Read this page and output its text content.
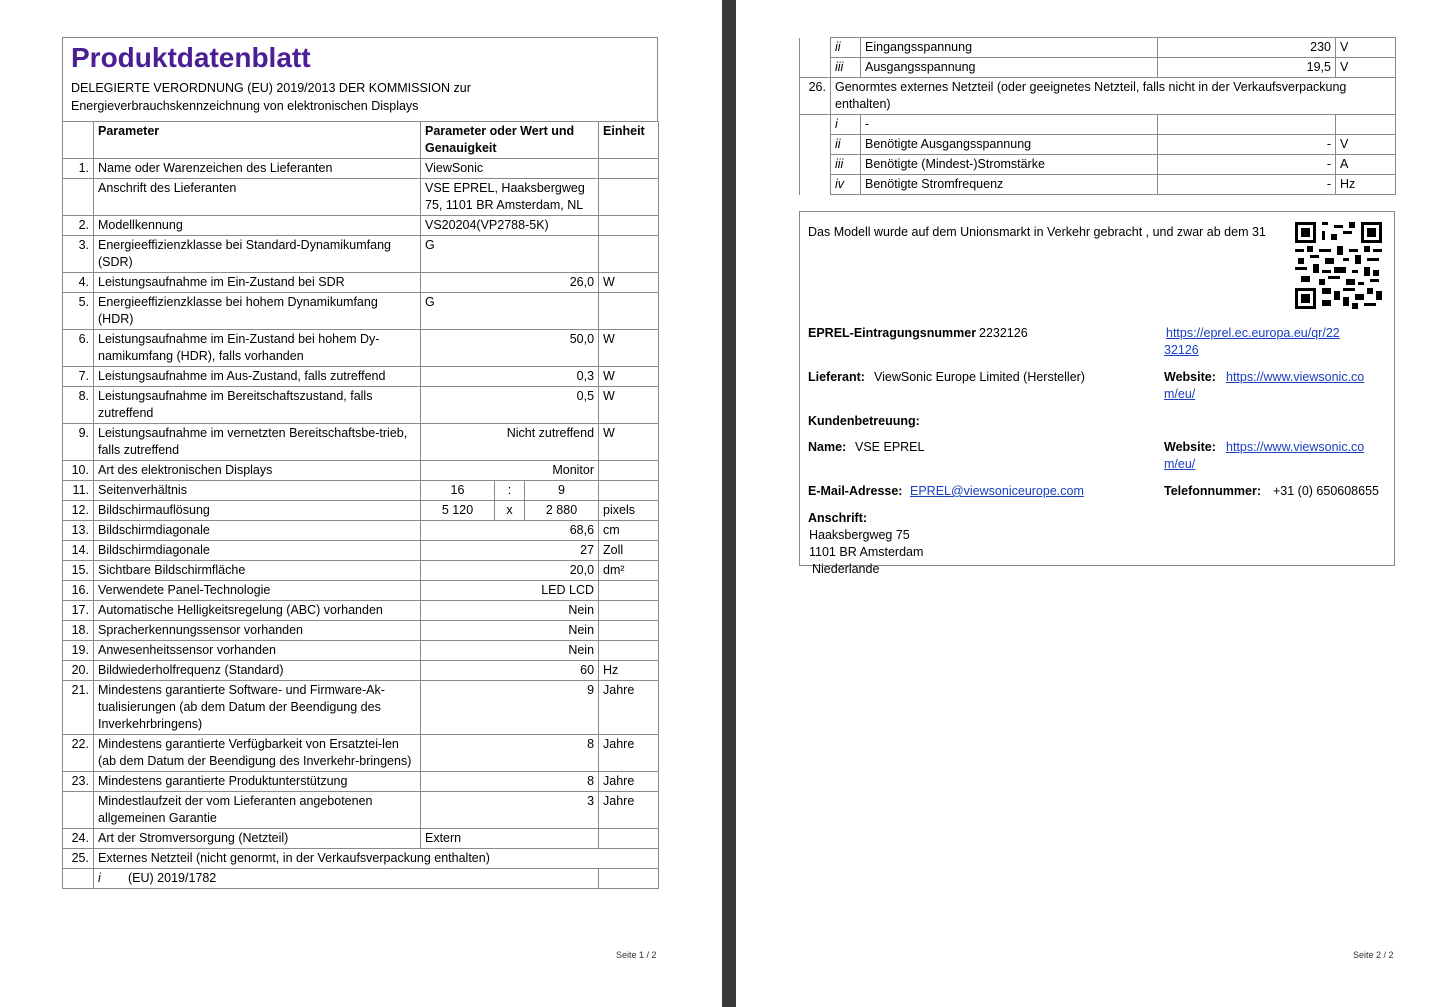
Produktdatenblatt
DELEGIERTE VERORDNUNG (EU) 2019/2013 DER KOMMISSION zur Energieverbrauchskennzeichnung von elektronischen Displays
	Parameter	Parameter oder Wert und Genauigkeit			Einheit
1.	Name oder Warenzeichen des Lieferanten	ViewSonic			
	Anschrift des Lieferanten	VSE EPREL, Haaksbergweg 75, 1101 BR Amsterdam, NL			
2.	Modellkennung	VS20204(VP2788-5K)			
3.	Energieeffizienzklasse bei Standard-Dynamikumfang (SDR)	G			
4.	Leistungsaufnahme im Ein-Zustand bei SDR	26,0			W
5.	Energieeffizienzklasse bei hohem Dynamikumfang (HDR)	G			
6.	Leistungsaufnahme im Ein-Zustand bei hohem Dy-namikumfang (HDR), falls vorhanden	50,0			W
7.	Leistungsaufnahme im Aus-Zustand, falls zutreffend	0,3			W
8.	Leistungsaufnahme im Bereitschaftszustand, falls zutreffend	0,5			W
9.	Leistungsaufnahme im vernetzten Bereitschaftsbe-trieb, falls zutreffend	Nicht zutreffend			W
10.	Art des elektronischen Displays	Monitor			
11.	Seitenverhältnis	16	:	9	
12.	Bildschirmauflösung	5 120	x	2 880	pixels
13.	Bildschirmdiagonale	68,6			cm
14.	Bildschirmdiagonale	27			Zoll
15.	Sichtbare Bildschirmfläche	20,0			dm²
16.	Verwendete Panel-Technologie	LED LCD			
17.	Automatische Helligkeitsregelung (ABC) vorhanden	Nein			
18.	Spracherkennungssensor vorhanden	Nein			
19.	Anwesenheitssensor vorhanden	Nein			
20.	Bildwiederholfrequenz (Standard)	60			Hz
21.	Mindestens garantierte Software- und Firmware-Ak-tualisierungen (ab dem Datum der Beendigung des Inverkehrbringens)	9			Jahre
22.	Mindestens garantierte Verfügbarkeit von Ersatztei-len (ab dem Datum der Beendigung des Inverkehr-bringens)	8			Jahre
23.	Mindestens garantierte Produktunterstützung	8			Jahre
	Mindestlaufzeit der vom Lieferanten angebotenen allgemeinen Garantie	3			Jahre
24.	Art der Stromversorgung (Netzteil)	Extern			
25.	Externes Netzteil (nicht genormt, in der Verkaufsverpackung enthalten)				
	i (EU) 2019/1782				
Seite 1 / 2
	ii	Eingangsspannung	230	V
	iii	Ausgangsspannung	19,5	V
26.	Genormtes externes Netzteil (oder geeignetes Netzteil, falls nicht in der Verkaufsverpackung enthalten)			
	i	-		
	ii	Benötigte Ausgangsspannung	-	V
	iii	Benötigte (Mindest-)Stromstärke	-	A
	iv	Benötigte Stromfrequenz	-	Hz
Das Modell wurde auf dem Unionsmarkt in Verkehr gebracht , und zwar ab dem 31
EPREL-Eintragungsnummer 2232126	https://eprel.ec.europa.eu/qr/22
32126
Lieferant: ViewSonic Europe Limited (Hersteller)	Website: https://www.viewsonic.co
m/eu/
Kundenbetreuung:
Name: VSE EPREL	Website: https://www.viewsonic.co
m/eu/
E-Mail-Adresse: EPREL@viewsoniceurope.com	Telefonnummer: +31 (0) 650608655
Anschrift:
Haaksbergweg 75
1101 BR Amsterdam
Niederlande
Seite 2 / 2
